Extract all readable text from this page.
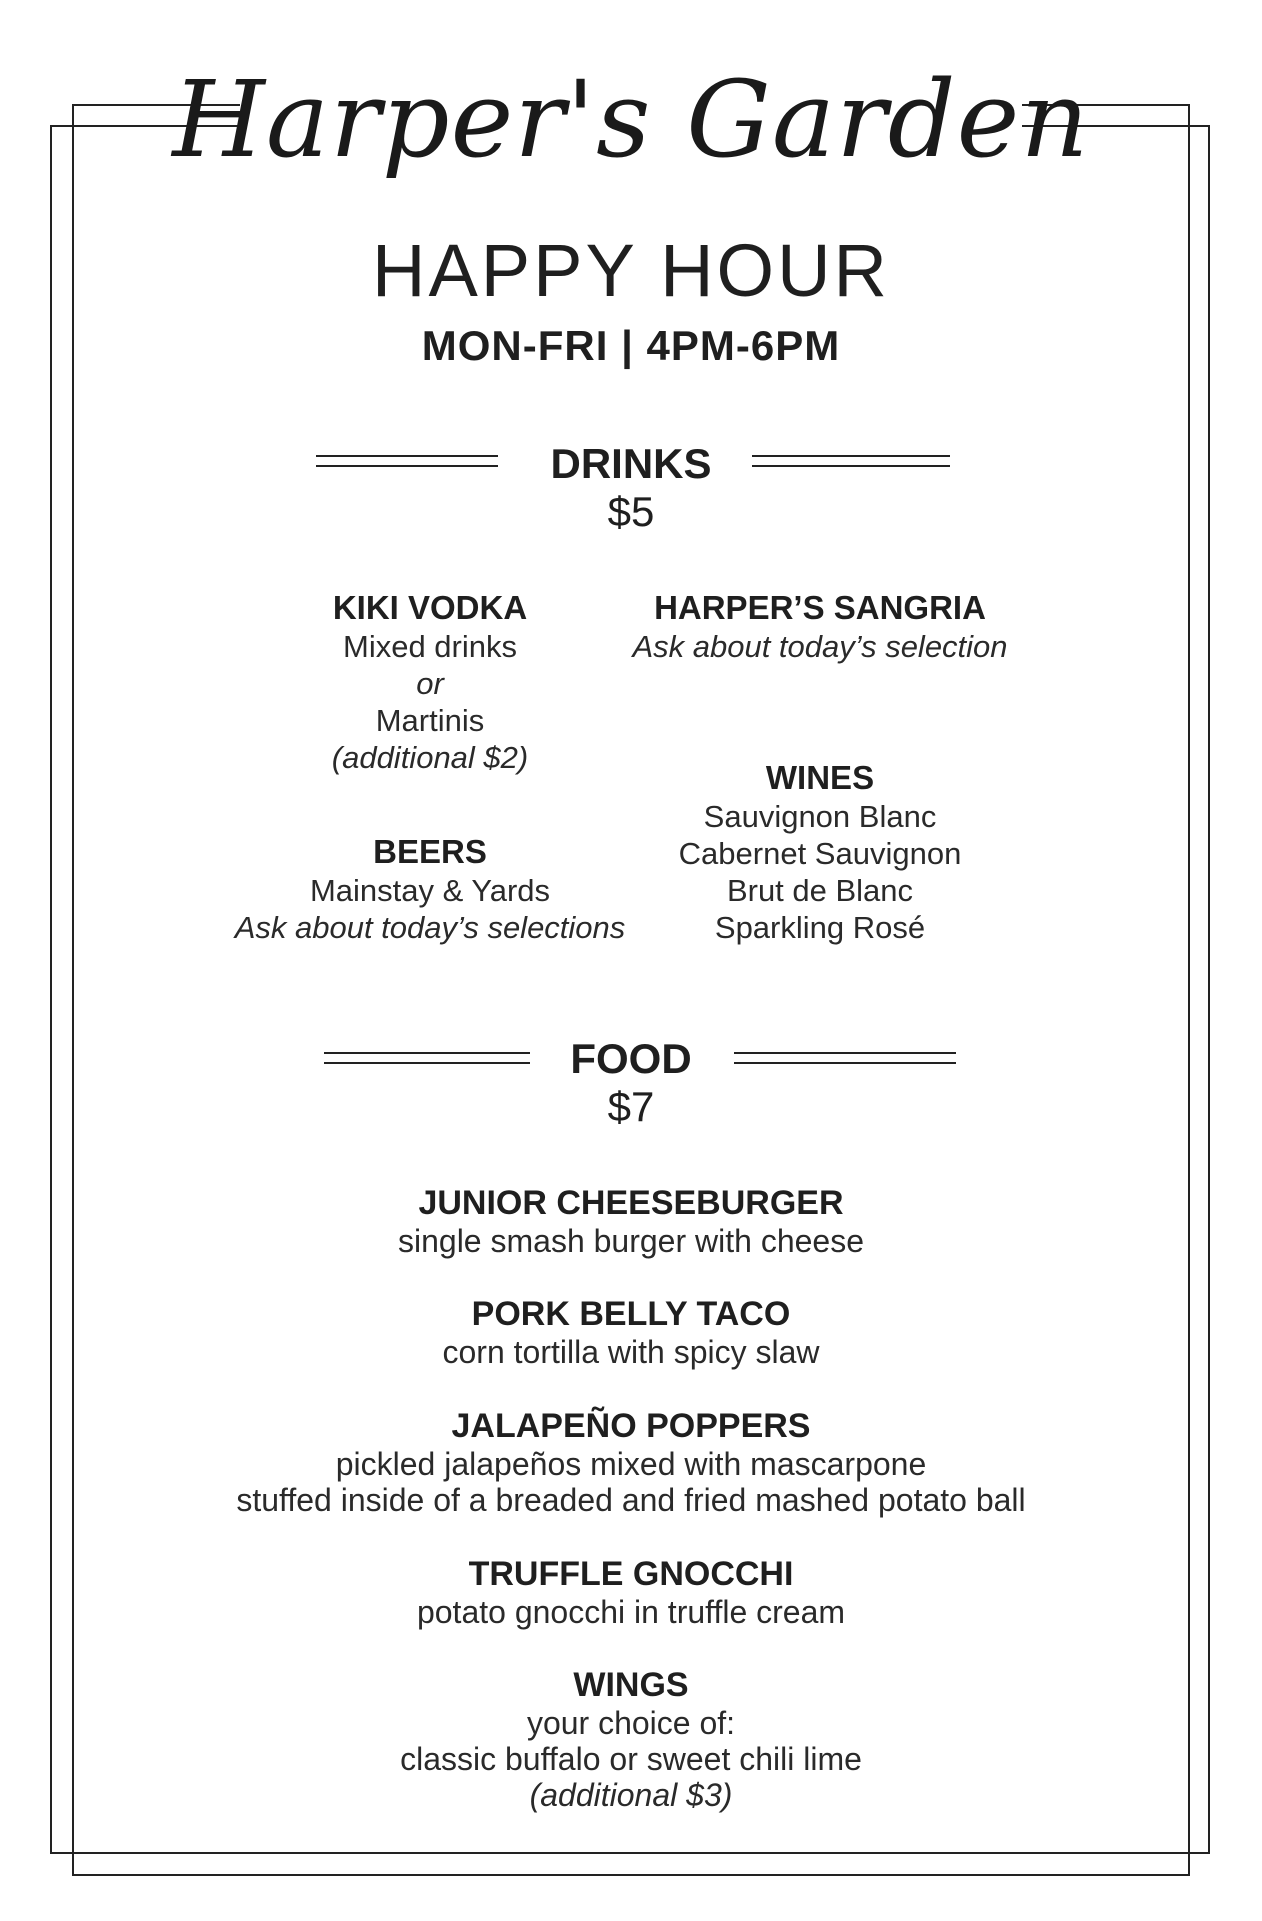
Harper's Garden
HAPPY HOUR
MON-FRI | 4PM-6PM
DRINKS
$5
KIKI VODKA
Mixed drinks
or
Martinis
(additional $2)
BEERS
Mainstay & Yards
Ask about today’s selections
HARPER’S SANGRIA
Ask about today’s selection
WINES
Sauvignon Blanc
Cabernet Sauvignon
Brut de Blanc
Sparkling Rosé
FOOD
$7
JUNIOR CHEESEBURGER
single smash burger with cheese
PORK BELLY TACO
corn tortilla with spicy slaw
JALAPEÑO POPPERS
pickled jalapeños mixed with mascarpone
stuffed inside of a breaded and fried mashed potato ball
TRUFFLE GNOCCHI
potato gnocchi in truffle cream
WINGS
your choice of:
classic buffalo or sweet chili lime
(additional $3)
